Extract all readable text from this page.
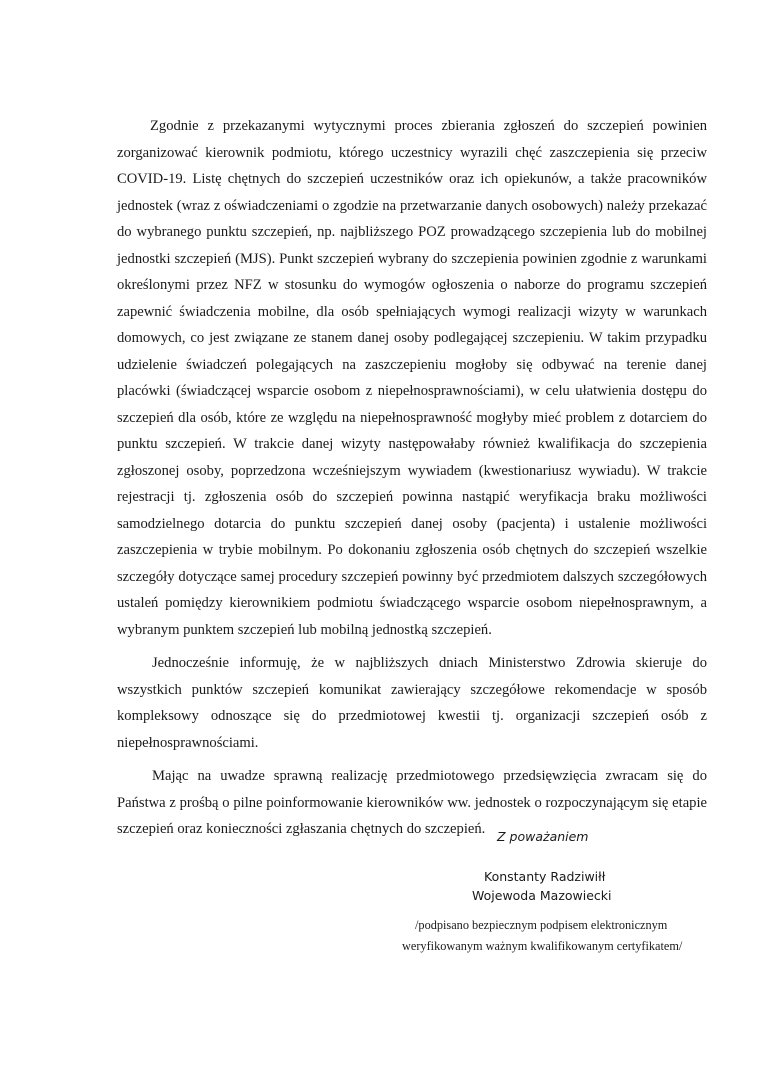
Zgodnie z przekazanymi wytycznymi proces zbierania zgłoszeń do szczepień powinien zorganizować kierownik podmiotu, którego uczestnicy wyrazili chęć zaszczepienia się przeciw COVID-19. Listę chętnych do szczepień uczestników oraz ich opiekunów, a także pracowników jednostek (wraz z oświadczeniami o zgodzie na przetwarzanie danych osobowych) należy przekazać do wybranego punktu szczepień, np. najbliższego POZ prowadzącego szczepienia lub do mobilnej jednostki szczepień (MJS). Punkt szczepień wybrany do szczepienia powinien zgodnie z warunkami określonymi przez NFZ w stosunku do wymogów ogłoszenia o naborze do programu szczepień zapewnić świadczenia mobilne, dla osób spełniających wymogi realizacji wizyty w warunkach domowych, co jest związane ze stanem danej osoby podlegającej szczepieniu. W takim przypadku udzielenie świadczeń polegających na zaszczepieniu mogłoby się odbywać na terenie danej placówki (świadczącej wsparcie osobom z niepełnosprawnościami), w celu ułatwienia dostępu do szczepień dla osób, które ze względu na niepełnosprawność mogłyby mieć problem z dotarciem do punktu szczepień. W trakcie danej wizyty następowałaby również kwalifikacja do szczepienia zgłoszonej osoby, poprzedzona wcześniejszym wywiadem (kwestionariusz wywiadu). W trakcie rejestracji tj. zgłoszenia osób do szczepień powinna nastąpić weryfikacja braku możliwości samodzielnego dotarcia do punktu szczepień danej osoby (pacjenta) i ustalenie możliwości zaszczepienia w trybie mobilnym. Po dokonaniu zgłoszenia osób chętnych do szczepień wszelkie szczegóły dotyczące samej procedury szczepień powinny być przedmiotem dalszych szczegółowych ustaleń pomiędzy kierownikiem podmiotu świadczącego wsparcie osobom niepełnosprawnym, a wybranym punktem szczepień lub mobilną jednostką szczepień.

Jednocześnie informuję, że w najbliższych dniach Ministerstwo Zdrowia skieruje do wszystkich punktów szczepień komunikat zawierający szczegółowe rekomendacje w sposób kompleksowy odnoszące się do przedmiotowej kwestii tj. organizacji szczepień osób z niepełnosprawnościami.

Mając na uwadze sprawną realizację przedmiotowego przedsięwzięcia zwracam się do Państwa z prośbą o pilne poinformowanie kierowników ww. jednostek o rozpoczynającym się etapie szczepień oraz konieczności zgłaszania chętnych do szczepień. Z poważaniem
Konstanty Radziwiłł
Wojewoda Mazowiecki
/podpisano bezpiecznym podpisem elektronicznym
weryfikowanym ważnym kwalifikowanym certyfikatem/
